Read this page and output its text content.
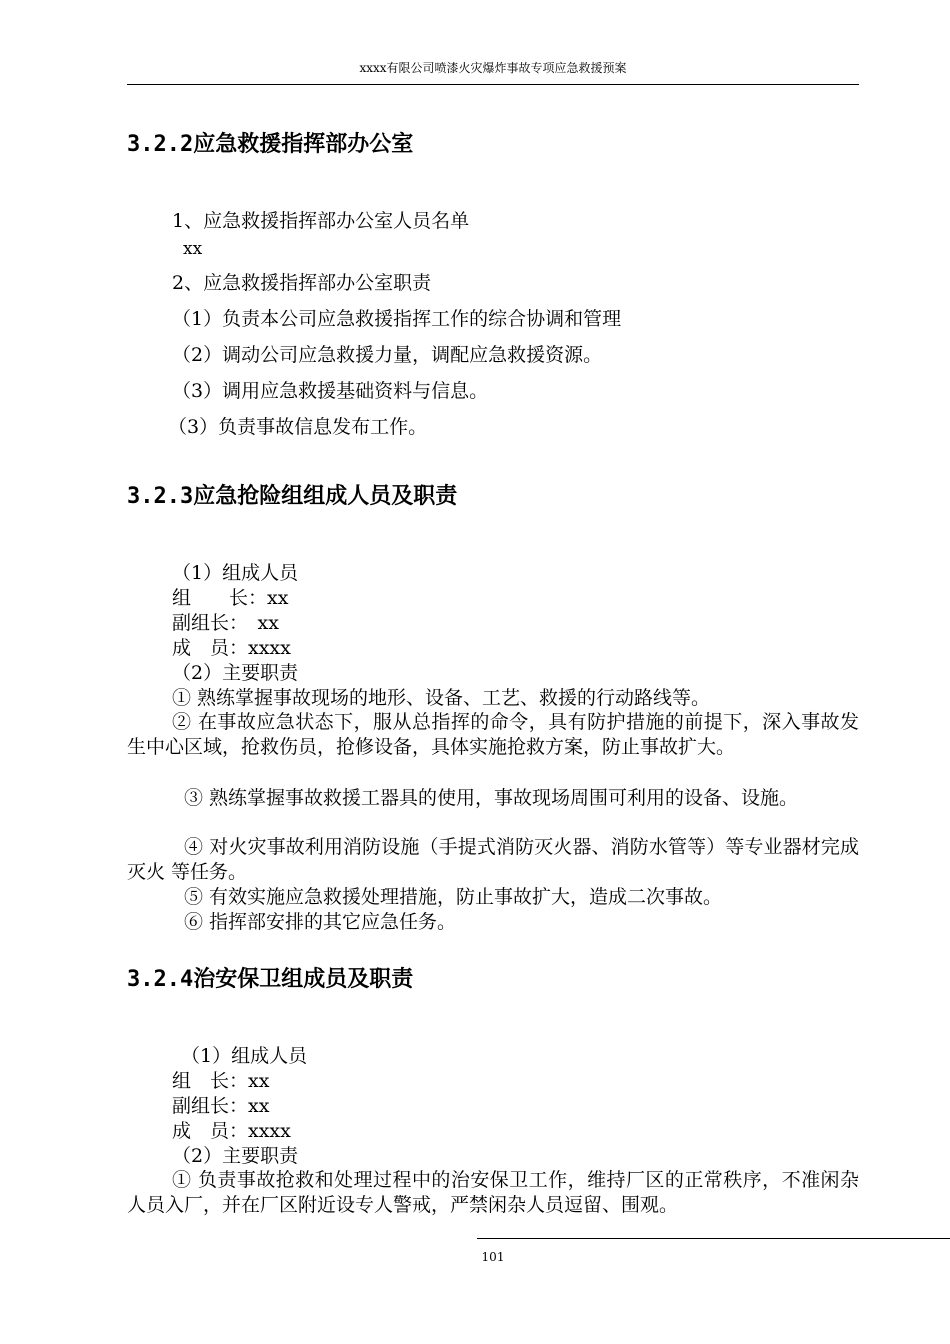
xxxx有限公司喷漆火灾爆炸事故专项应急救援预案
3.2.2应急救援指挥部办公室
1、应急救援指挥部办公室人员名单
xx
2、应急救援指挥部办公室职责
（1）负责本公司应急救援指挥工作的综合协调和管理
（2）调动公司应急救援力量，调配应急救援资源。
（3）调用应急救援基础资料与信息。
（3）负责事故信息发布工作。
3.2.3应急抢险组组成人员及职责
（1）组成人员
组　　长：xx
副组长：　xx
成　员：xxxx
（2）主要职责
① 熟练掌握事故现场的地形、设备、工艺、救援的行动路线等。
② 在事故应急状态下，服从总指挥的命令，具有防护措施的前提下，深入事故发生中心区域，抢救伤员，抢修设备，具体实施抢救方案，防止事故扩大。
③ 熟练掌握事故救援工器具的使用，事故现场周围可利用的设备、设施。
④ 对火灾事故利用消防设施（手提式消防灭火器、消防水管等）等专业器材完成灭火 等任务。
⑤ 有效实施应急救援处理措施，防止事故扩大，造成二次事故。
⑥ 指挥部安排的其它应急任务。
3.2.4治安保卫组成员及职责
（1）组成人员
组　长：xx
副组长：xx
成　员：xxxx
（2）主要职责
① 负责事故抢救和处理过程中的治安保卫工作，维持厂区的正常秩序，不准闲杂人员入厂，并在厂区附近设专人警戒，严禁闲杂人员逗留、围观。
101
